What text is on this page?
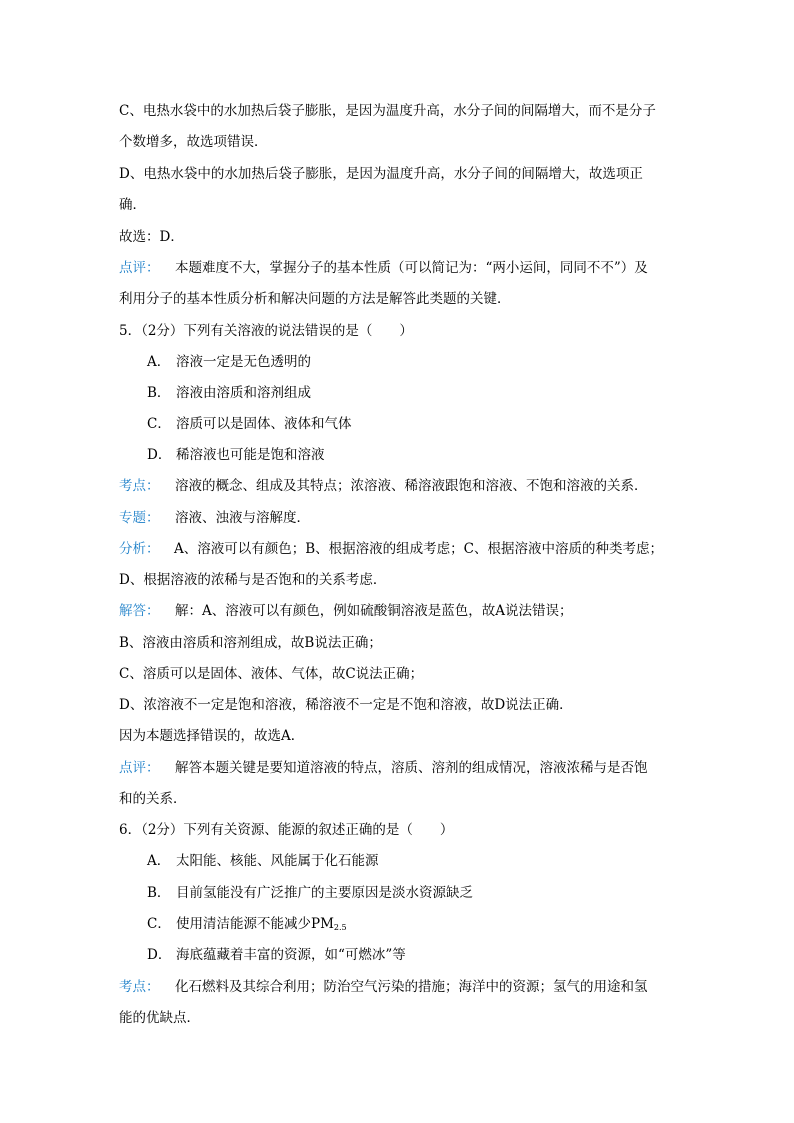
C、电热水袋中的水加热后袋子膨胀，是因为温度升高，水分子间的间隔增大，而不是分子
个数增多，故选项错误．
D、电热水袋中的水加热后袋子膨胀，是因为温度升高，水分子间的间隔增大，故选项正
确．
故选：D．
点评： 本题难度不大，掌握分子的基本性质（可以简记为：“两小运间，同同不不”）及
利用分子的基本性质分析和解决问题的方法是解答此类题的关键．
5．（2分）下列有关溶液的说法错误的是（　　）
A． 溶液一定是无色透明的
B． 溶液由溶质和溶剂组成
C． 溶质可以是固体、液体和气体
D． 稀溶液也可能是饱和溶液
考点： 溶液的概念、组成及其特点；浓溶液、稀溶液跟饱和溶液、不饱和溶液的关系．
专题： 溶液、浊液与溶解度．
分析： A、溶液可以有颜色；B、根据溶液的组成考虑；C、根据溶液中溶质的种类考虑；
D、根据溶液的浓稀与是否饱和的关系考虑．
解答： 解：A、溶液可以有颜色，例如硫酸铜溶液是蓝色，故A说法错误；
B、溶液由溶质和溶剂组成，故B说法正确；
C、溶质可以是固体、液体、气体，故C说法正确；
D、浓溶液不一定是饱和溶液，稀溶液不一定是不饱和溶液，故D说法正确．
因为本题选择错误的，故选A．
点评： 解答本题关键是要知道溶液的特点，溶质、溶剂的组成情况，溶液浓稀与是否饱
和的关系．
6．（2分）下列有关资源、能源的叙述正确的是（　　）
A． 太阳能、核能、风能属于化石能源
B． 目前氢能没有广泛推广的主要原因是淡水资源缺乏
C． 使用清洁能源不能减少$PM_{2.5}$
D． 海底蕴藏着丰富的资源，如“可燃冰”等
考点： 化石燃料及其综合利用；防治空气污染的措施；海洋中的资源；氢气的用途和氢
能的优缺点．
